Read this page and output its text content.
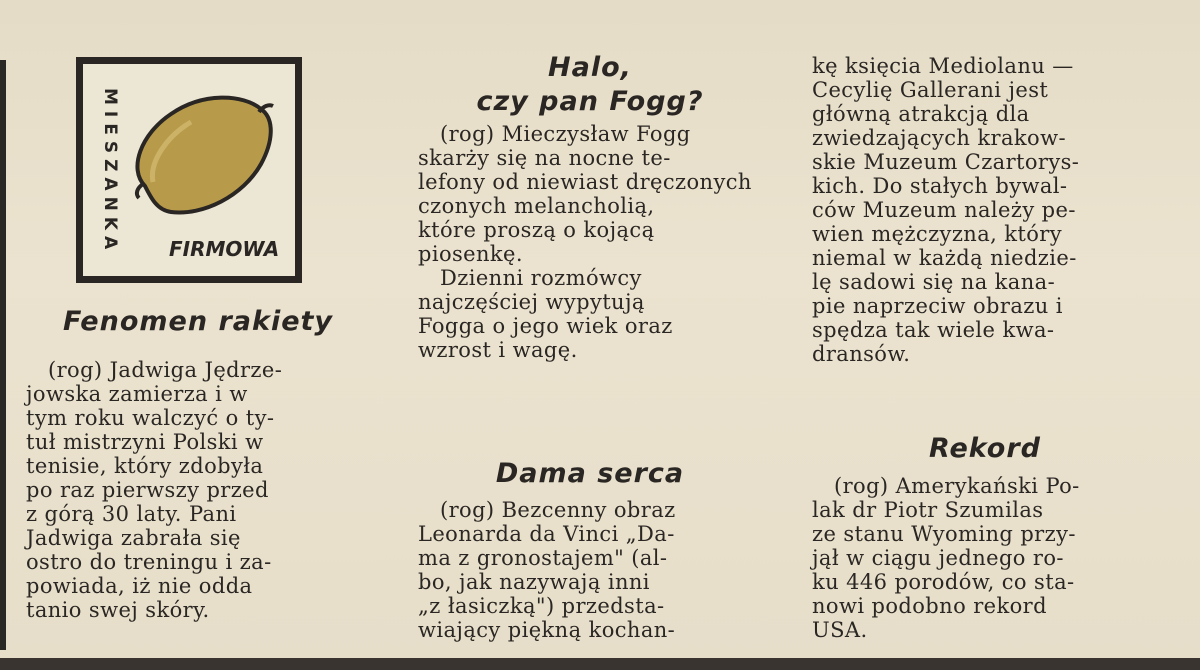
MIESZANKA FIRMOWA
Fenomen rakiety

(rog) Jadwiga Jędrze-

jowska zamierza i w

tym roku walczyć o ty-

tuł mistrzyni Polski w

tenisie, który zdobyła

po raz pierwszy przed

z górą 30 laty. Pani

Jadwiga zabrała się

ostro do treningu i za-

powiada, iż nie odda

tanio swej skóry.

Halo,
czy pan Fogg?

(rog) Mieczysław Fogg

skarży się na nocne te-

lefony od niewiast dręczonych

czonych melancholią,

które proszą o kojącą

piosenkę.

Dzienni rozmówcy

najczęściej wypytują

Fogga o jego wiek oraz

wzrost i wagę.

Dama serca

(rog) Bezcenny obraz

Leonarda da Vinci „Da-

ma z gronostajem" (al-

bo, jak nazywają inni

„z łasiczką") przedsta-

wiający piękną kochan-

kę księcia Mediolanu —

Cecylię Gallerani jest

główną atrakcją dla

zwiedzających krakow-

skie Muzeum Czartorys-

kich. Do stałych bywal-

ców Muzeum należy pe-

wien mężczyzna, który

niemal w każdą niedzie-

lę sadowi się na kana-

pie naprzeciw obrazu i

spędza tak wiele kwa-

dransów.

Rekord

(rog) Amerykański Po-

lak dr Piotr Szumilas

ze stanu Wyoming przy-

jął w ciągu jednego ro-

ku 446 porodów, co sta-

nowi podobno rekord

USA.
